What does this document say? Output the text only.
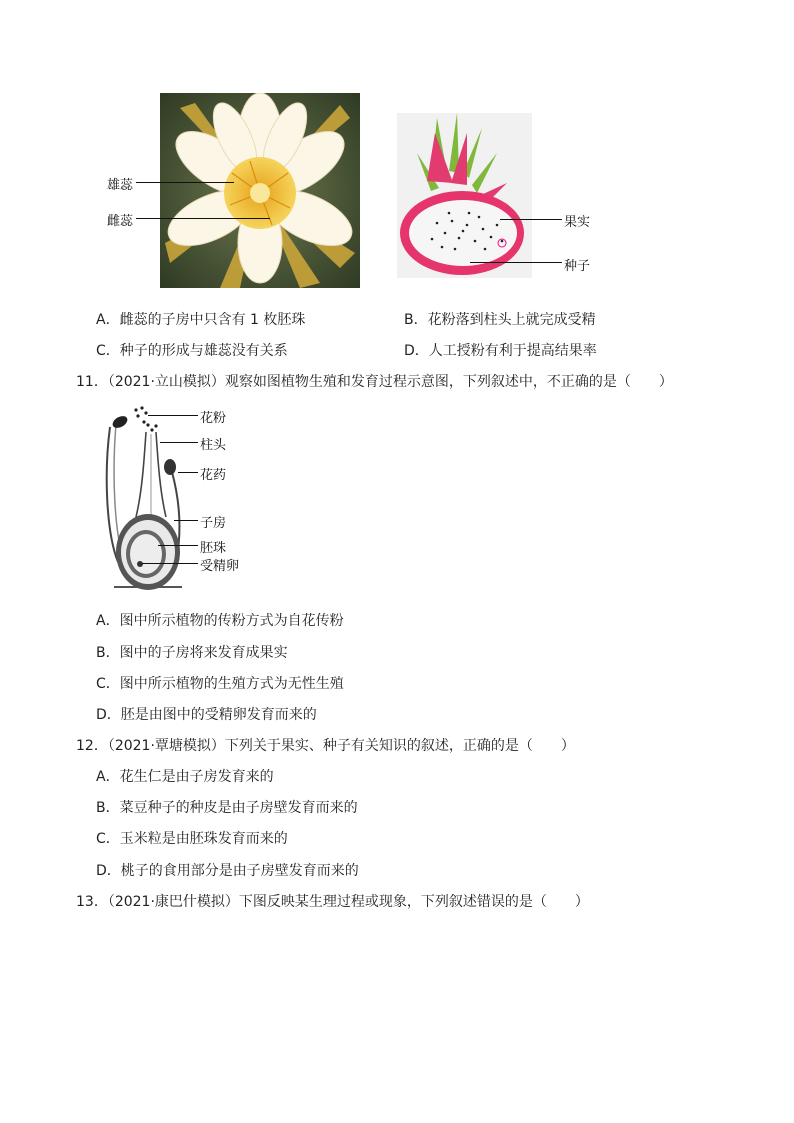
雄蕊
雌蕊	果实
种子
A．雌蕊的子房中只含有 1 枚胚珠	B．花粉落到柱头上就完成受精
C．种子的形成与雄蕊没有关系	D．人工授粉有利于提高结果率
11．（2021·立山模拟）观察如图植物生殖和发育过程示意图，下列叙述中，不正确的是（　　）
花粉
柱头
花药
子房
胚珠
受精卵
A．图中所示植物的传粉方式为自花传粉
B．图中的子房将来发育成果实
C．图中所示植物的生殖方式为无性生殖
D．胚是由图中的受精卵发育而来的
12．（2021·覃塘模拟）下列关于果实、种子有关知识的叙述，正确的是（　　）
A．花生仁是由子房发育来的
B．菜豆种子的种皮是由子房壁发育而来的
C．玉米粒是由胚珠发育而来的
D．桃子的食用部分是由子房壁发育而来的
13．（2021·康巴什模拟）下图反映某生理过程或现象，下列叙述错误的是（　　）
